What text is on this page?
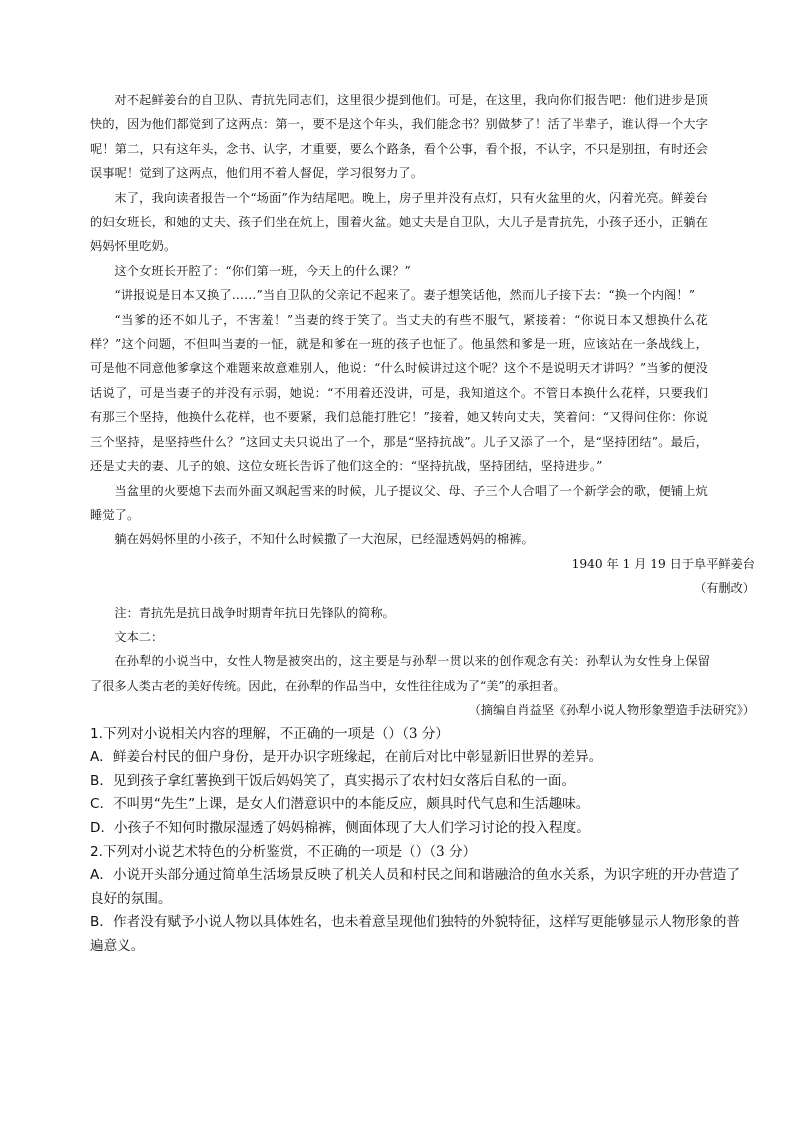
对不起鲜姜台的自卫队、青抗先同志们，这里很少提到他们。可是，在这里，我向你们报告吧：他们进步是顶快的，因为他们都觉到了这两点：第一，要不是这个年头，我们能念书？别做梦了！活了半辈子，谁认得一个大字呢！第二，只有这年头，念书、认字，才重要，要么个路条，看个公事，看个报，不认字，不只是别扭，有时还会误事呢！觉到了这两点，他们用不着人督促，学习很努力了。

末了，我向读者报告一个“场面”作为结尾吧。晚上，房子里并没有点灯，只有火盆里的火，闪着光亮。鲜姜台的妇女班长，和她的丈夫、孩子们坐在炕上，围着火盆。她丈夫是自卫队，大儿子是青抗先，小孩子还小，正躺在妈妈怀里吃奶。

这个女班长开腔了：“你们第一班，今天上的什么课？”

“讲报说是日本又换了……”当自卫队的父亲记不起来了。妻子想笑话他，然而儿子接下去：“换一个内阁！”

“当爹的还不如儿子，不害羞！”当妻的终于笑了。当丈夫的有些不服气，紧接着：“你说日本又想换什么花样？”这个问题，不但叫当妻的一怔，就是和爹在一班的孩子也怔了。他虽然和爹是一班，应该站在一条战线上，可是他不同意他爹拿这个难题来故意难别人，他说：“什么时候讲过这个呢？这个不是说明天才讲吗？”当爹的便没话说了，可是当妻子的并没有示弱，她说：“不用着还没讲，可是，我知道这个。不管日本换什么花样，只要我们有那三个坚持，他换什么花样，也不要紧，我们总能打胜它！”接着，她又转向丈夫，笑着问：“又得问住你：你说三个坚持，是坚持些什么？”这回丈夫只说出了一个，那是“坚持抗战”。儿子又添了一个，是“坚持团结”。最后，还是丈夫的妻、儿子的娘、这位女班长告诉了他们这全的：“坚持抗战，坚持团结，坚持进步。”

当盆里的火要熄下去而外面又飒起雪来的时候，儿子提议父、母、子三个人合唱了一个新学会的歌，便铺上炕睡觉了。

躺在妈妈怀里的小孩子，不知什么时候撒了一大泡尿，已经湿透妈妈的棉裤。

1940 年 1 月 19 日于阜平鲜姜台
（有删改）

注：青抗先是抗日战争时期青年抗日先锋队的简称。

文本二：

在孙犁的小说当中，女性人物是被突出的，这主要是与孙犁一贯以来的创作观念有关：孙犁认为女性身上保留了很多人类古老的美好传统。因此，在孙犁的作品当中，女性往往成为了“美”的承担者。

（摘编自肖益坚《孙犁小说人物形象塑造手法研究》）

1.下列对小说相关内容的理解，不正确的一项是（）（3 分）

A．鲜姜台村民的佃户身份，是开办识字班缘起，在前后对比中彰显新旧世界的差异。

B．见到孩子拿红薯换到干饭后妈妈笑了，真实揭示了农村妇女落后自私的一面。

C．不叫男“先生”上课，是女人们潜意识中的本能反应，颇具时代气息和生活趣味。

D．小孩子不知何时撒尿湿透了妈妈棉裤，侧面体现了大人们学习讨论的投入程度。

2.下列对小说艺术特色的分析鉴赏，不正确的一项是（）（3 分）

A．小说开头部分通过简单生活场景反映了机关人员和村民之间和谐融洽的鱼水关系，为识字班的开办营造了良好的氛围。

B．作者没有赋予小说人物以具体姓名，也未着意呈现他们独特的外貌特征，这样写更能够显示人物形象的普遍意义。
